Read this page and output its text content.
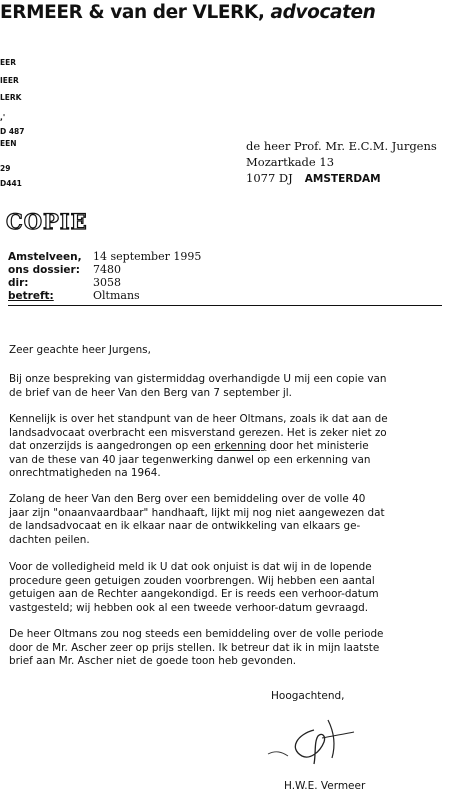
ERMEER & van der VLERK, advocaten
EER
IEER
LERK
,'
D 487
EEN
29
D441
de heer Prof. Mr. E.C.M. Jurgens
Mozartkade 13
1077 DJ AMSTERDAM
COPIE
Amstelveen, 14 september 1995
ons dossier: 7480
dir:	3058
betreft:	Oltmans
Zeer geachte heer Jurgens,

Bij onze bespreking van gistermiddag overhandigde U mij een copie van
de brief van de heer Van den Berg van 7 september jl.

Kennelijk is over het standpunt van de heer Oltmans, zoals ik dat aan de
landsadvocaat overbracht een misverstand gerezen. Het is zeker niet zo
dat onzerzijds is aangedrongen op een erkenning door het ministerie
van de these van 40 jaar tegenwerking danwel op een erkenning van
onrechtmatigheden na 1964.

Zolang de heer Van den Berg over een bemiddeling over de volle 40
jaar zijn "onaanvaardbaar" handhaaft, lijkt mij nog niet aangewezen dat
de landsadvocaat en ik elkaar naar de ontwikkeling van elkaars ge-
dachten peilen.

Voor de volledigheid meld ik U dat ook onjuist is dat wij in de lopende
procedure geen getuigen zouden voorbrengen. Wij hebben een aantal
getuigen aan de Rechter aangekondigd. Er is reeds een verhoor-datum
vastgesteld; wij hebben ook al een tweede verhoor-datum gevraagd.

De heer Oltmans zou nog steeds een bemiddeling over de volle periode
door de Mr. Ascher zeer op prijs stellen. Ik betreur dat ik in mijn laatste
brief aan Mr. Ascher niet de goede toon heb gevonden.

Hoogachtend,
H.W.E. Vermeer
